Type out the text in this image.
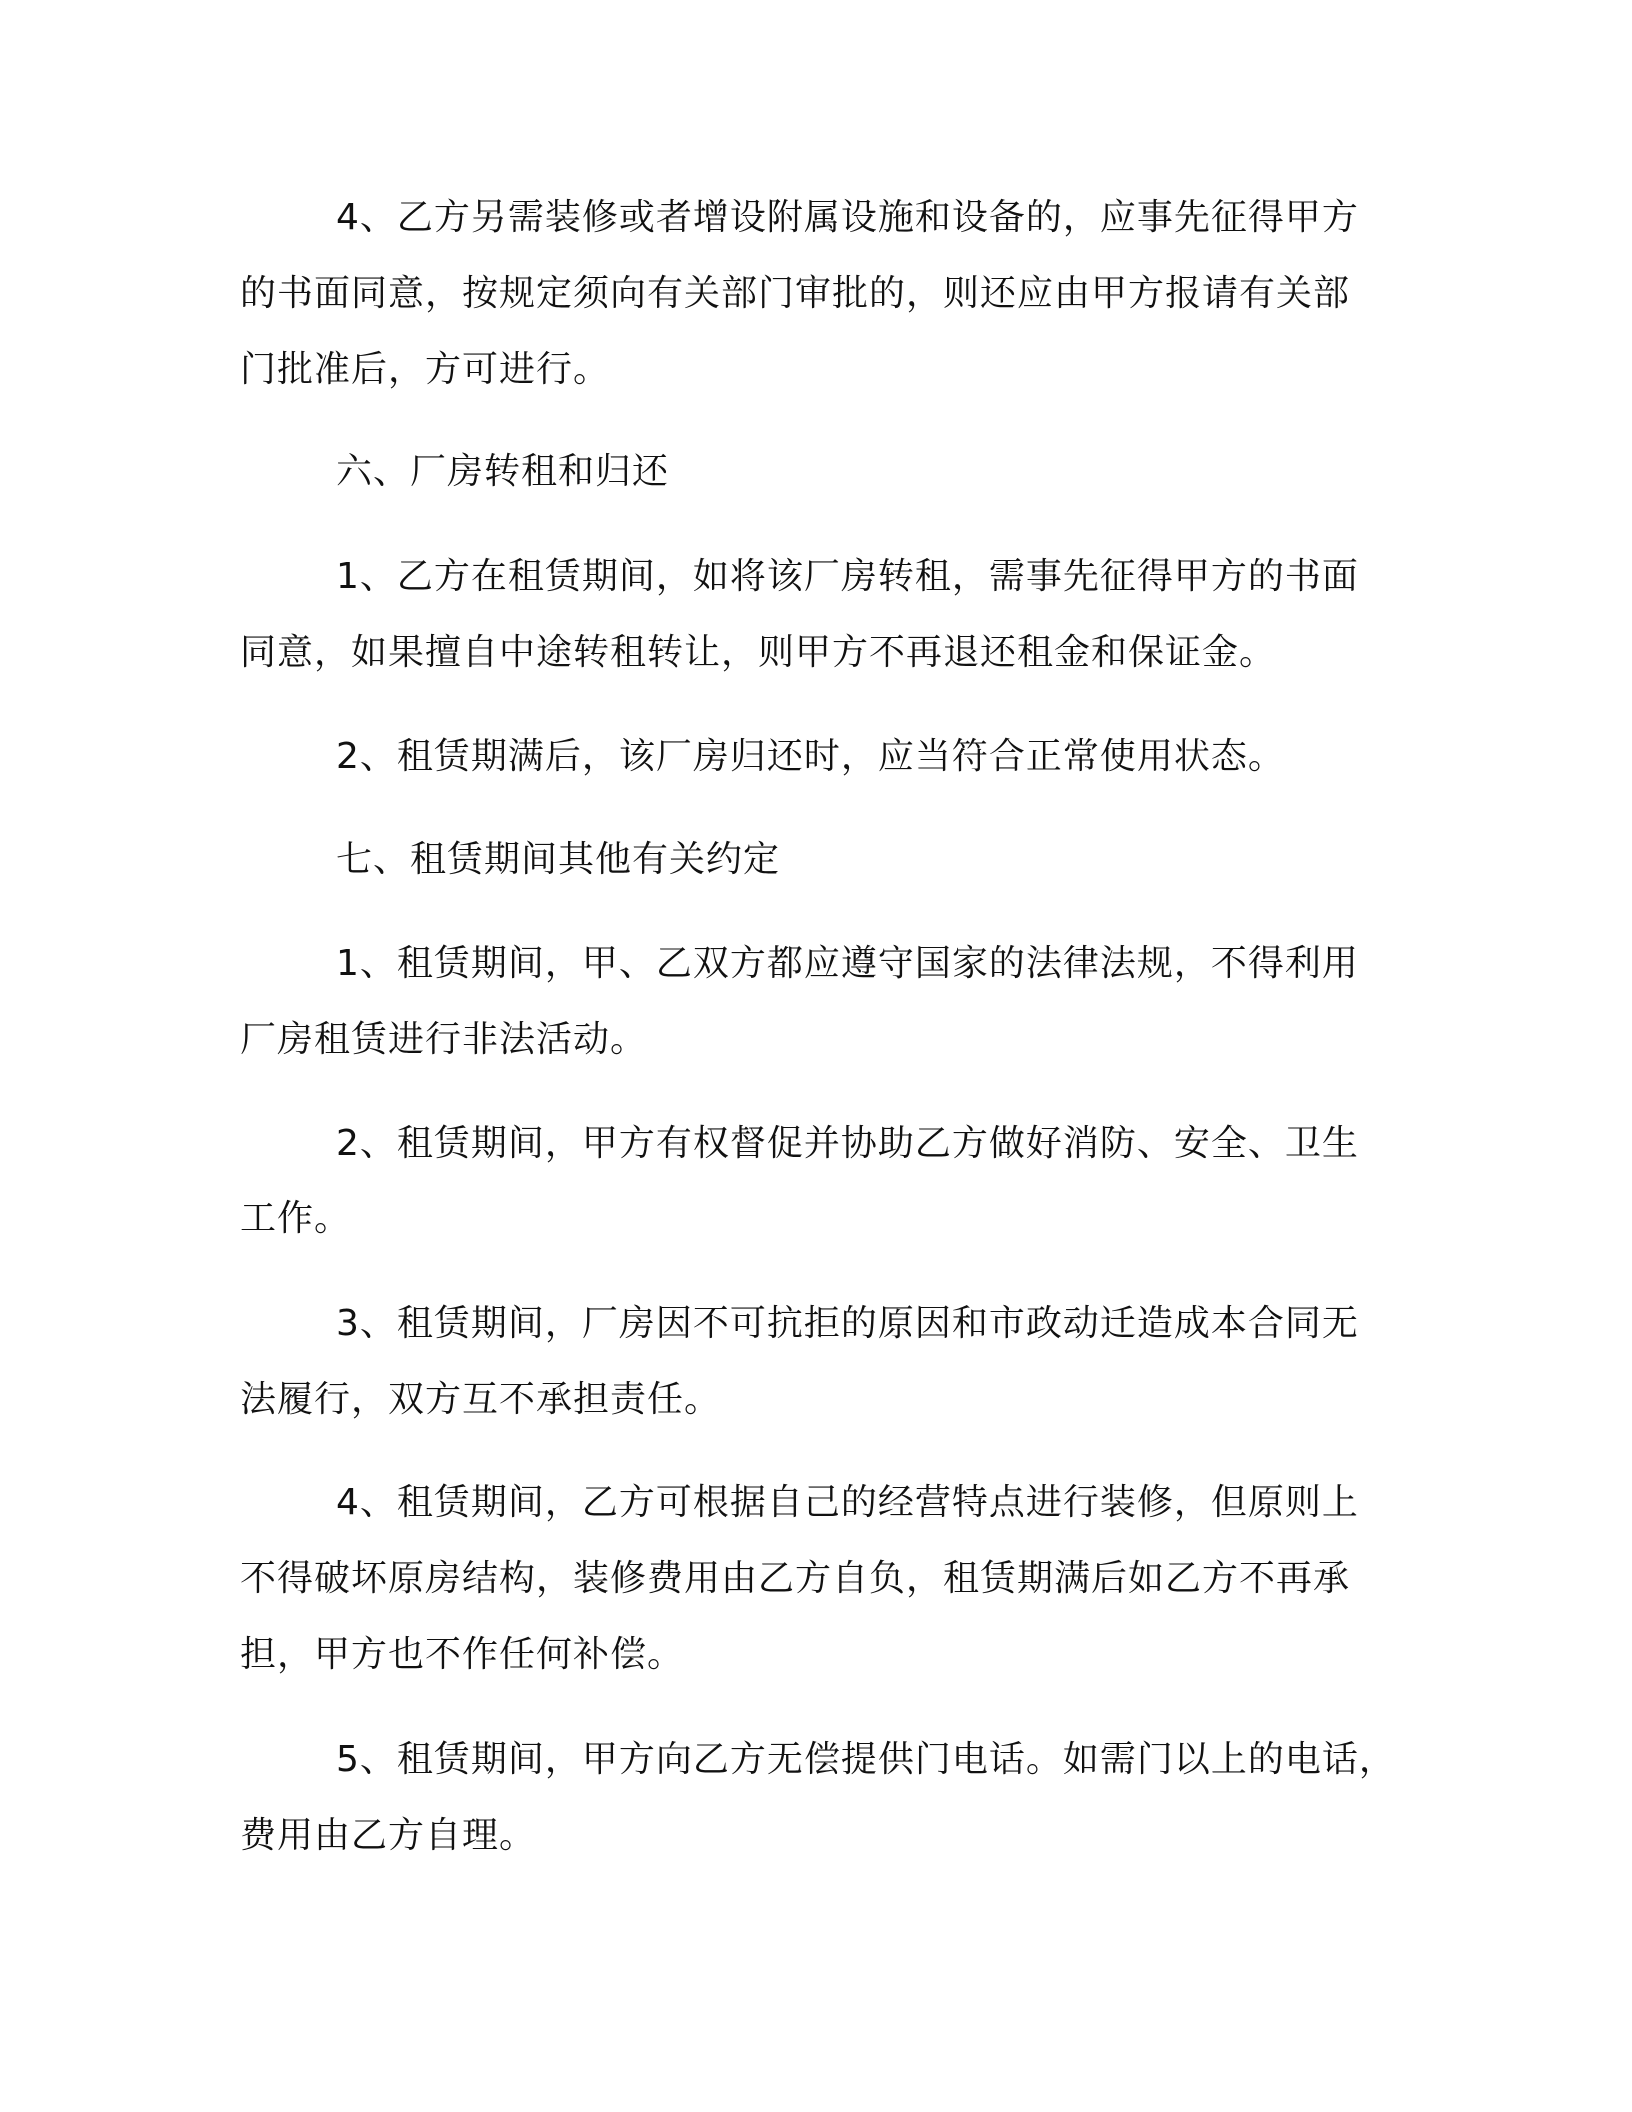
4、乙方另需装修或者增设附属设施和设备的，应事先征得甲方
的书面同意，按规定须向有关部门审批的，则还应由甲方报请有关部
门批准后，方可进行。
六、厂房转租和归还
1、乙方在租赁期间，如将该厂房转租，需事先征得甲方的书面
同意，如果擅自中途转租转让，则甲方不再退还租金和保证金。
2、租赁期满后，该厂房归还时，应当符合正常使用状态。
七、租赁期间其他有关约定
1、租赁期间，甲、乙双方都应遵守国家的法律法规，不得利用
厂房租赁进行非法活动。
2、租赁期间，甲方有权督促并协助乙方做好消防、安全、卫生
工作。
3、租赁期间，厂房因不可抗拒的原因和市政动迁造成本合同无
法履行，双方互不承担责任。
4、租赁期间，乙方可根据自己的经营特点进行装修，但原则上
不得破坏原房结构，装修费用由乙方自负，租赁期满后如乙方不再承
担，甲方也不作任何补偿。
5、租赁期间，甲方向乙方无偿提供门电话。如需门以上的电话，
费用由乙方自理。
